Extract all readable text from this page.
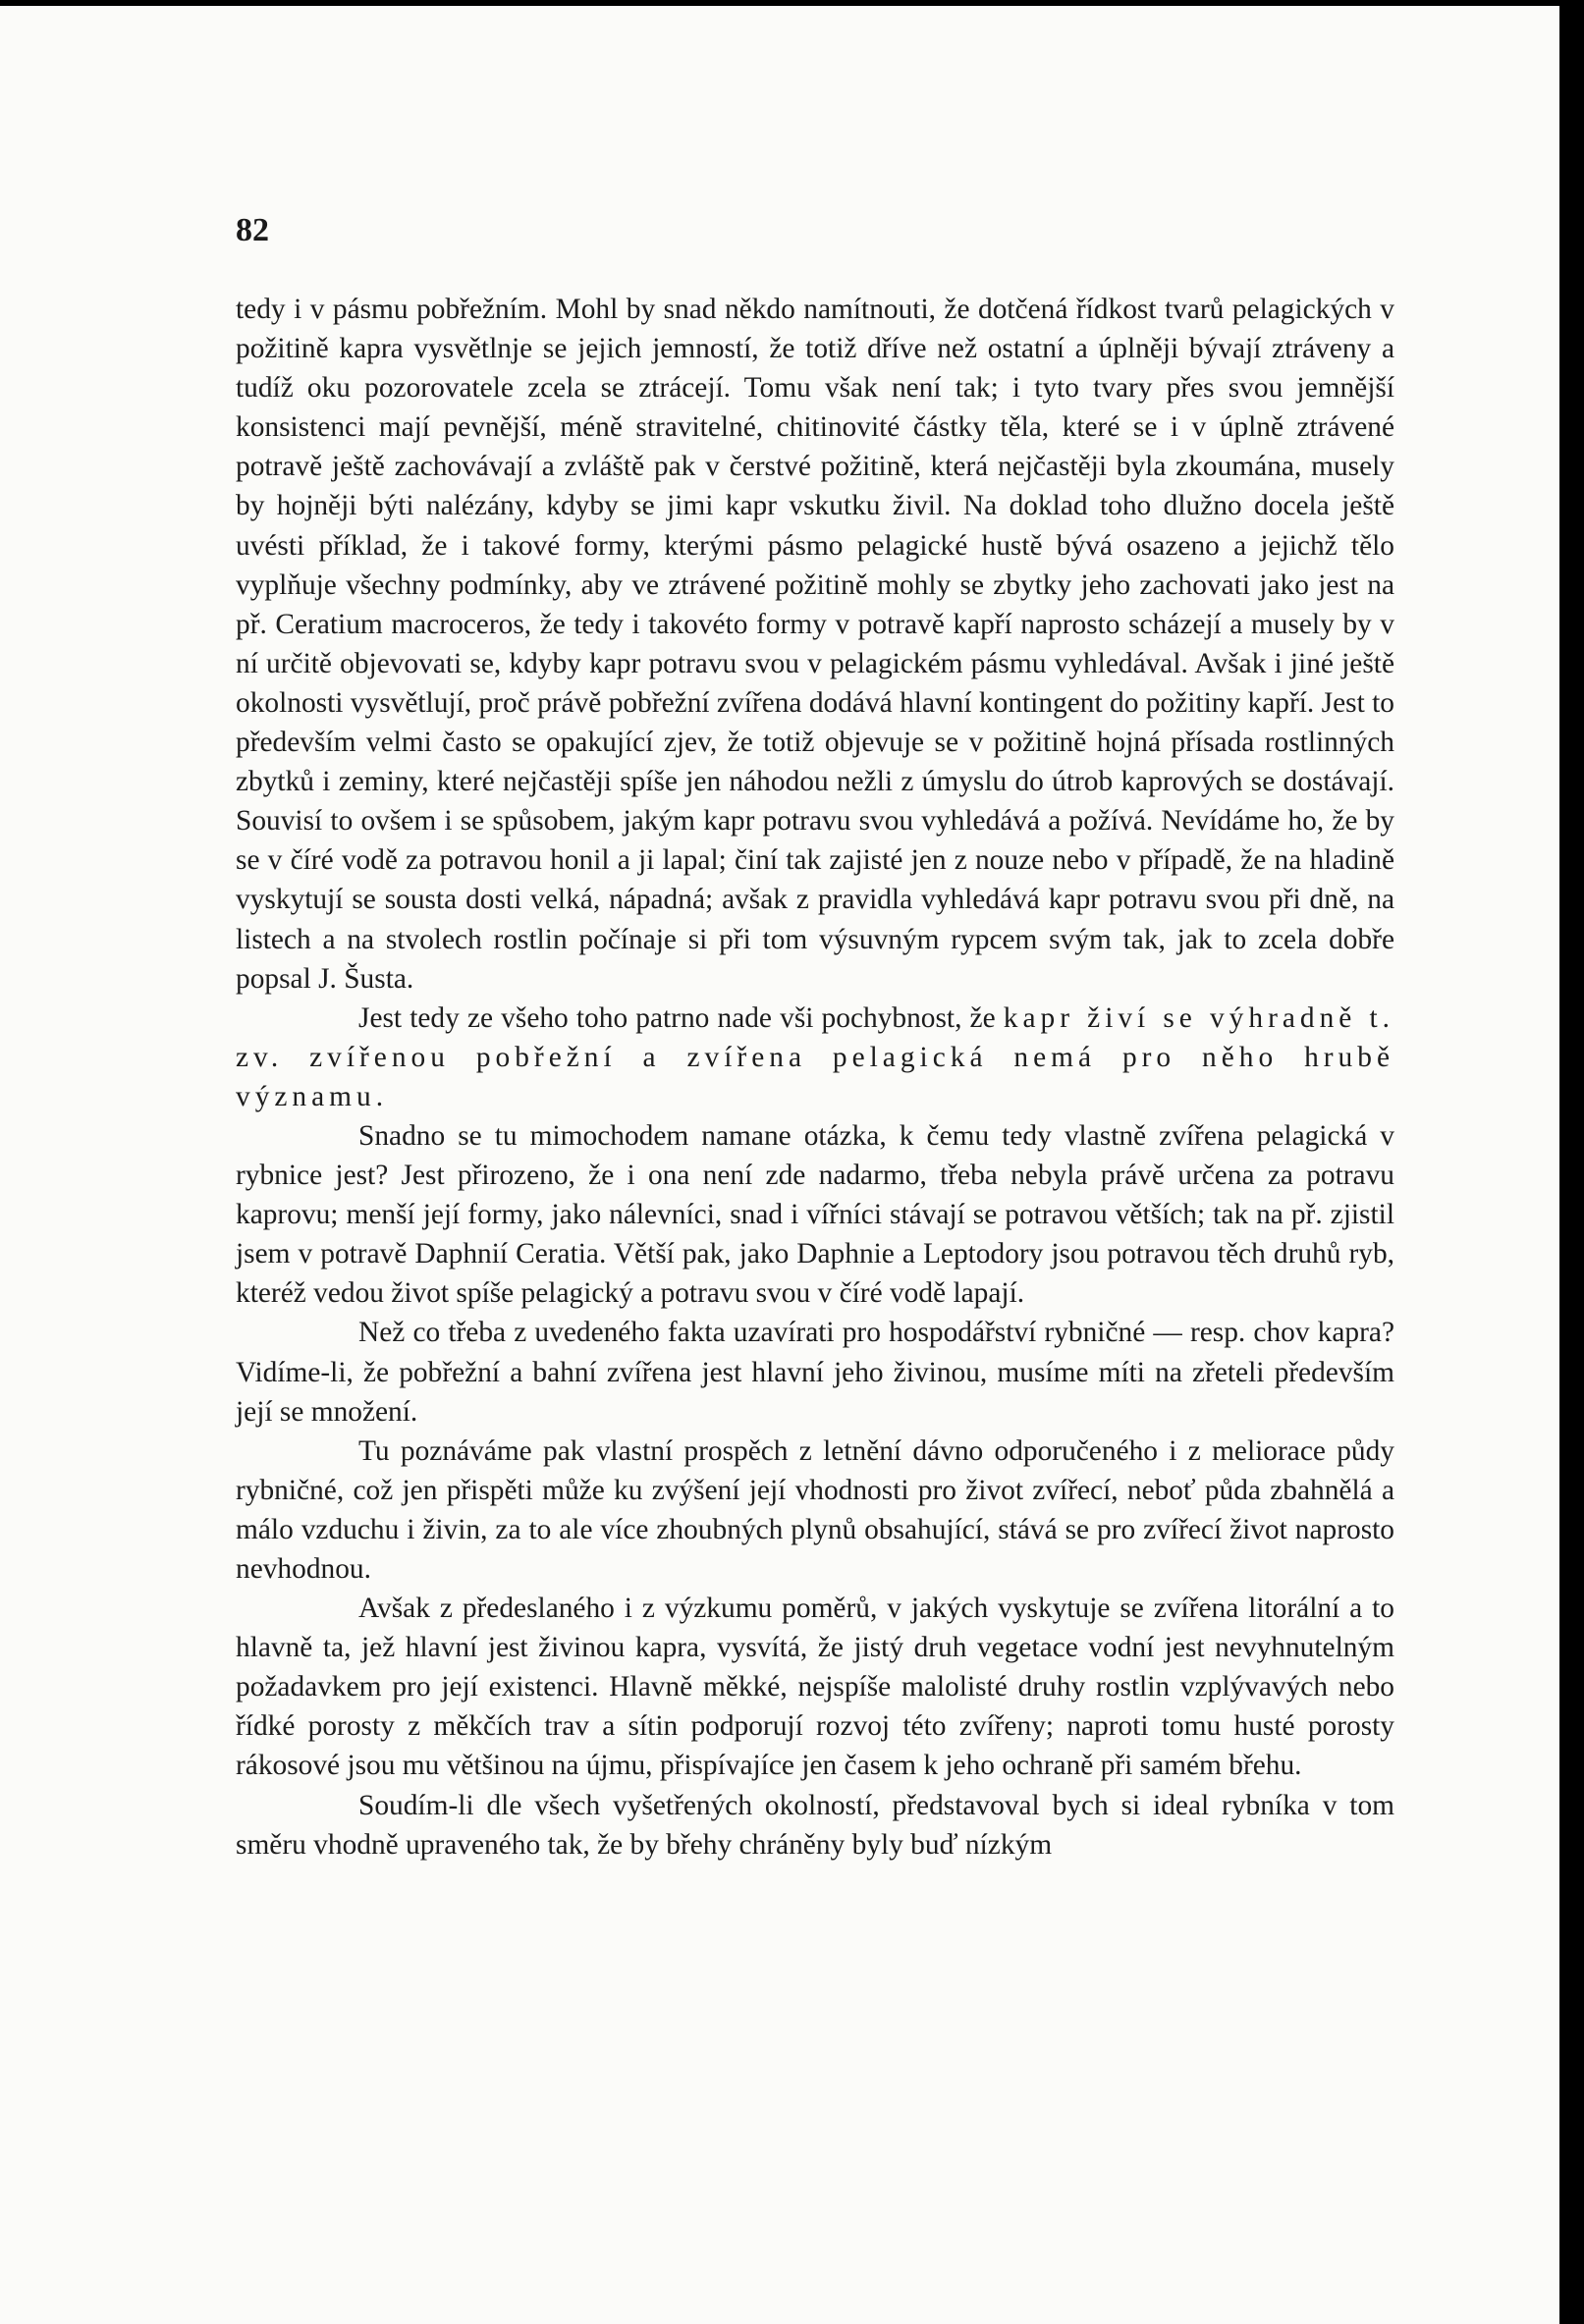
82

tedy i v pásmu pobřežním. Mohl by snad někdo namítnouti, že dotčená řídkost tvarů pelagických v požitině kapra vysvětlnje se jejich jemností, že totiž dříve než ostatní a úplněji bývají ztráveny a tudíž oku pozorovatele zcela se ztrácejí. Tomu však není tak; i tyto tvary přes svou jemnější konsistenci mají pevnější, méně stravitelné, chitinovité částky těla, které se i v úplně ztrávené potravě ještě zachovávají a zvláště pak v čerstvé požitině, která nejčastěji byla zkoumána, musely by hojněji býti nalézány, kdyby se jimi kapr vskutku živil. Na doklad toho dlužno docela ještě uvésti příklad, že i takové formy, kterými pásmo pelagické hustě bývá osazeno a jejichž tělo vyplňuje všechny podmínky, aby ve ztrávené požitině mohly se zbytky jeho zachovati jako jest na př. Ceratium macroceros, že tedy i takovéto formy v potravě kapří naprosto scházejí a musely by v ní určitě objevovati se, kdyby kapr potravu svou v pelagickém pásmu vyhledával. Avšak i jiné ještě okolnosti vysvětlují, proč právě pobřežní zvířena dodává hlavní kontingent do požitiny kapří. Jest to především velmi často se opakující zjev, že totiž objevuje se v požitině hojná přísada rostlinných zbytků i zeminy, které nejčastěji spíše jen náhodou nežli z úmyslu do útrob kaprových se dostávají. Souvisí to ovšem i se spůsobem, jakým kapr potravu svou vyhledává a požívá. Nevídáme ho, že by se v číré vodě za potravou honil a ji lapal; činí tak zajisté jen z nouze nebo v případě, že na hladině vyskytují se sousta dosti velká, nápadná; avšak z pravidla vyhledává kapr potravu svou při dně, na listech a na stvolech rostlin počínaje si při tom výsuvným rypcem svým tak, jak to zcela dobře popsal J. Šusta.

Jest tedy ze všeho toho patrno nade vši pochybnost, že kapr živí se výhradně t. zv. zvířenou pobřežní a zvířena pelagická nemá pro něho hrubě významu.

Snadno se tu mimochodem namane otázka, k čemu tedy vlastně zvířena pelagická v rybnice jest? Jest přirozeno, že i ona není zde nadarmo, třeba nebyla právě určena za potravu kaprovu; menší její formy, jako nálevníci, snad i vířníci stávají se potravou větších; tak na př. zjistil jsem v potravě Daphnií Ceratia. Větší pak, jako Daphnie a Leptodory jsou potravou těch druhů ryb, kteréž vedou život spíše pelagický a potravu svou v číré vodě lapají.

Než co třeba z uvedeného fakta uzavírati pro hospodářství rybničné — resp. chov kapra? Vidíme-li, že pobřežní a bahní zvířena jest hlavní jeho živinou, musíme míti na zřeteli především její se množení.

Tu poznáváme pak vlastní prospěch z letnění dávno odporučeného i z meliorace půdy rybničné, což jen přispěti může ku zvýšení její vhodnosti pro život zvířecí, neboť půda zbahnělá a málo vzduchu i živin, za to ale více zhoubných plynů obsahující, stává se pro zvířecí život naprosto nevhodnou.

Avšak z předeslaného i z výzkumu poměrů, v jakých vyskytuje se zvířena litorální a to hlavně ta, jež hlavní jest živinou kapra, vysvítá, že jistý druh vegetace vodní jest nevyhnutelným požadavkem pro její existenci. Hlavně měkké, nejspíše malolisté druhy rostlin vzplývavých nebo řídké porosty z měkčích trav a sítin podporují rozvoj této zvířeny; naproti tomu husté porosty rákosové jsou mu většinou na újmu, přispívajíce jen časem k jeho ochraně při samém břehu.

Soudím-li dle všech vyšetřených okolností, představoval bych si ideal rybníka v tom směru vhodně upraveného tak, že by břehy chráněny byly buď nízkým
